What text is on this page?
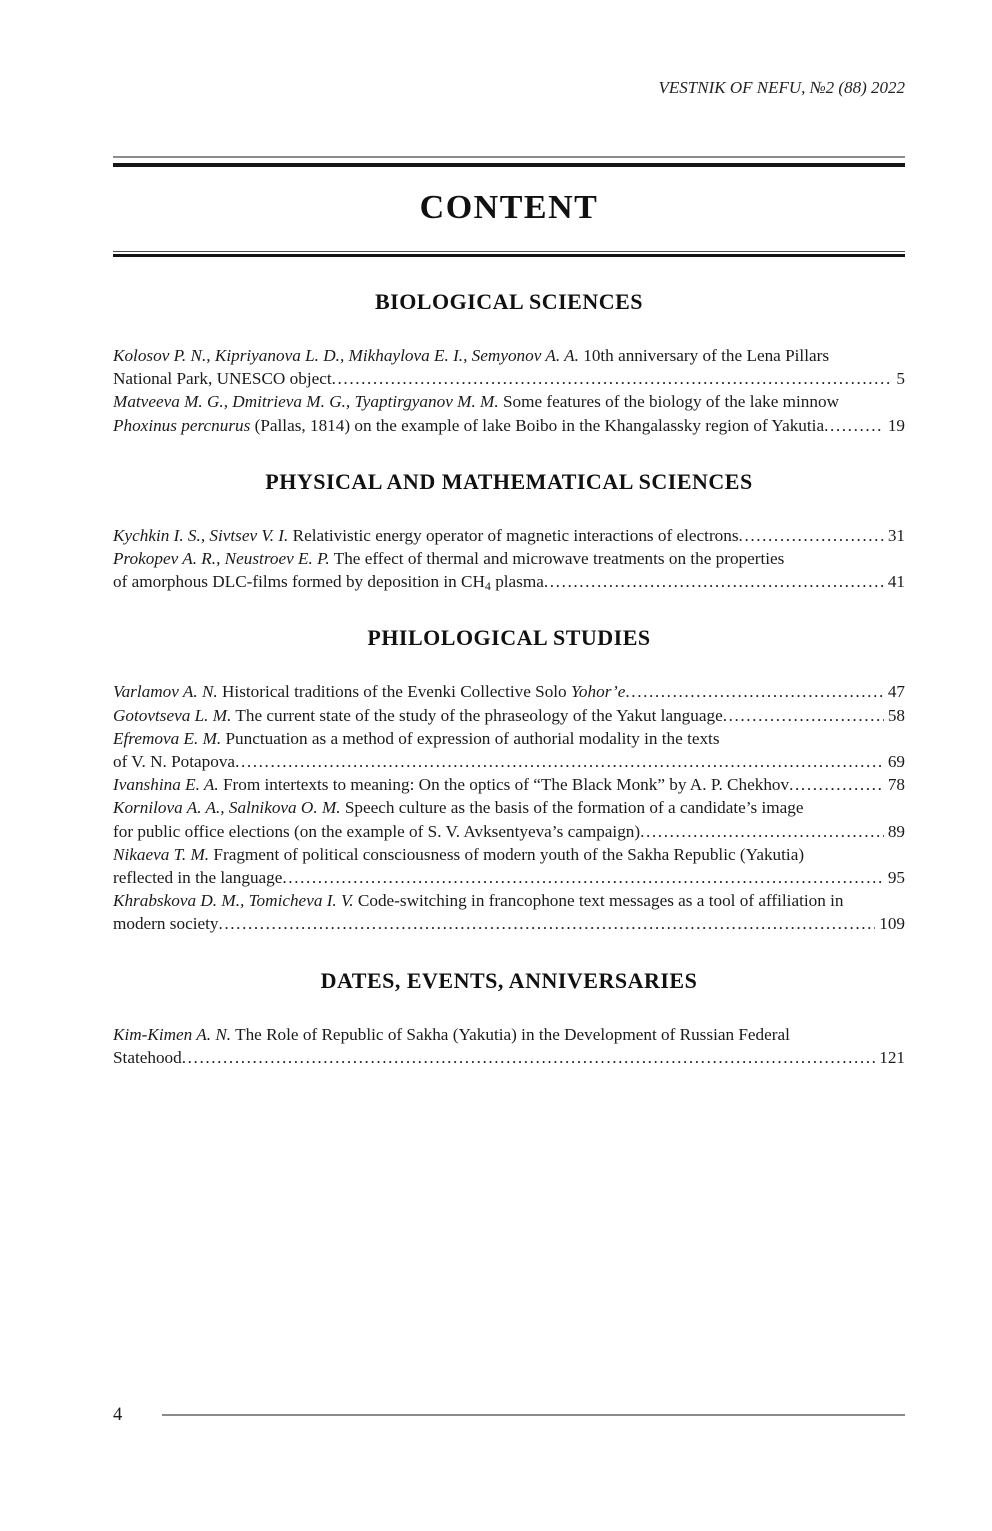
VESTNIK OF NEFU, №2 (88) 2022
CONTENT
BIOLOGICAL SCIENCES
Kolosov P. N., Kipriyanova L. D., Mikhaylova E. I., Semyonov A. A. 10th anniversary of the Lena Pillars
National Park, UNESCO object .....	5
Matveeva M. G., Dmitrieva M. G., Tyaptirgyanov M. M. Some features of the biology of the lake minnow
Phoxinus percnurus (Pallas, 1814) on the example of lake Boibo in the Khangalassky region of Yakutia .....	19
PHYSICAL AND MATHEMATICAL SCIENCES
Kychkin I. S., Sivtsev V. I. Relativistic energy operator of magnetic interactions of electrons .....	31
Prokopev A. R., Neustroev E. P. The effect of thermal and microwave treatments on the properties
of amorphous DLC-films formed by deposition in $CH_4$ plasma .....	41
PHILOLOGICAL STUDIES
Varlamov A. N. Historical traditions of the Evenki Collective Solo Yohor’e .....	47
Gotovtseva L. M. The current state of the study of the phraseology of the Yakut language .....	58
Efremova E. M. Punctuation as a method of expression of authorial modality in the texts
of V. N. Potapova .....	69
Ivanshina E. A. From intertexts to meaning: On the optics of “The Black Monk” by A. P. Chekhov .....	78
Kornilova A. A., Salnikova O. M. Speech culture as the basis of the formation of a candidate’s image
for public office elections (on the example of S. V. Avksentyeva’s campaign) .....	89
Nikaeva T. M. Fragment of political consciousness of modern youth of the Sakha Republic (Yakutia)
reflected in the language .....	95
Khrabskova D. M., Tomicheva I. V. Code-switching in francophone text messages as a tool of affiliation in
modern society .....	109
DATES, EVENTS, ANNIVERSARIES
Kim-Kimen A. N. The Role of Republic of Sakha (Yakutia) in the Development of Russian Federal
Statehood .....	121
4
